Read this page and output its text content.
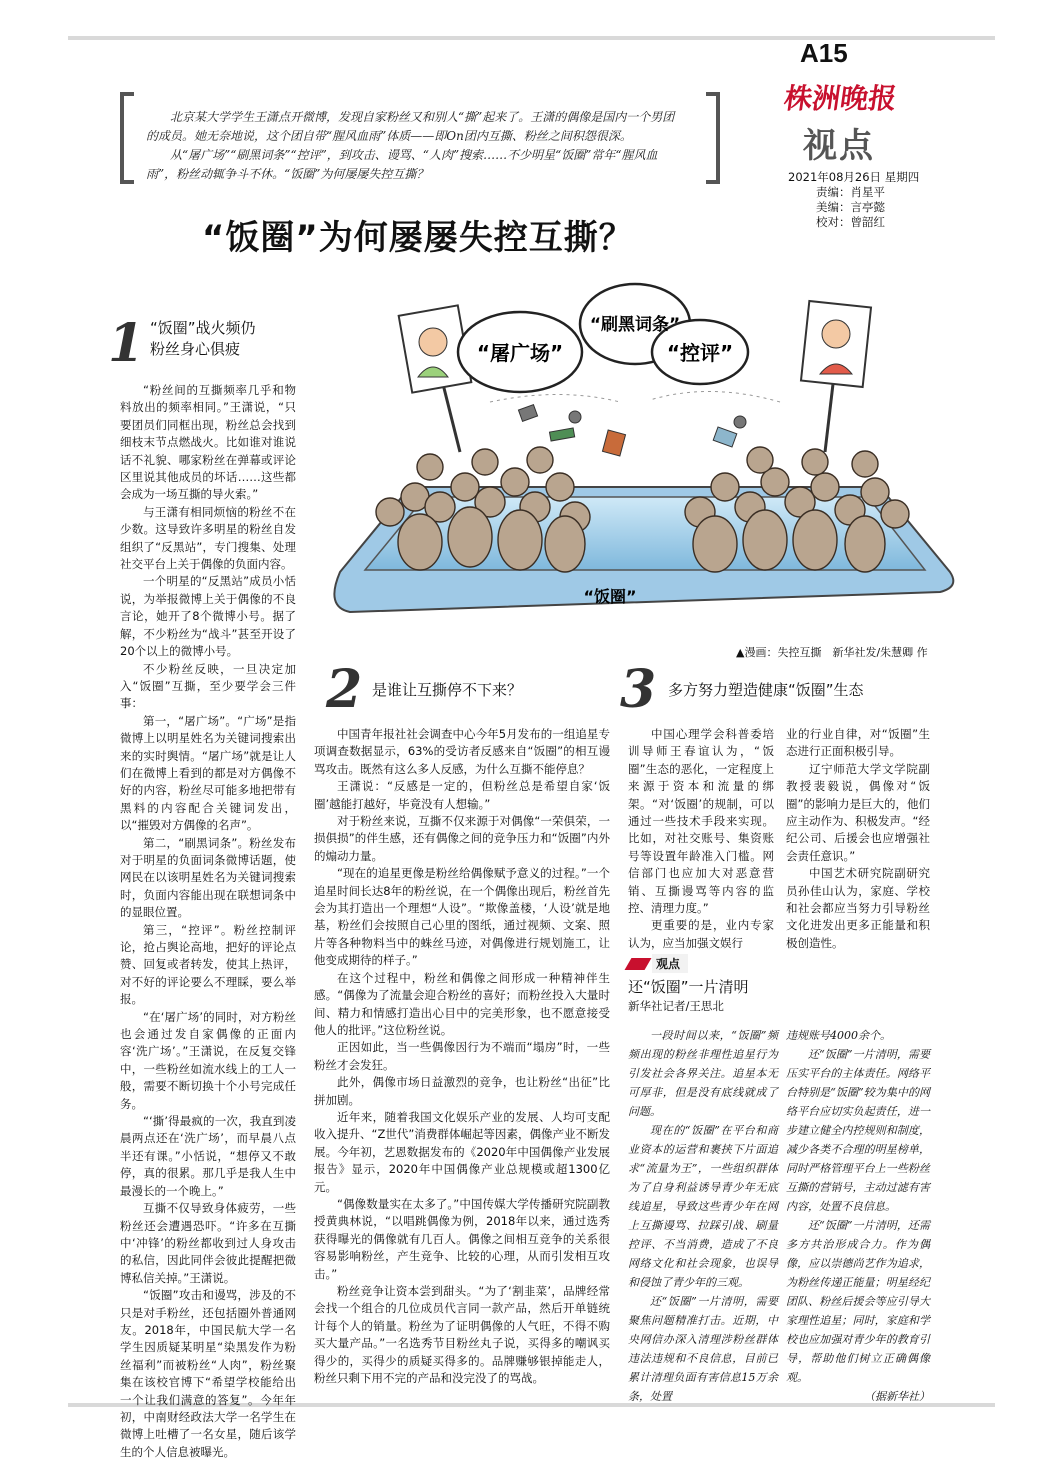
A15
株洲晚报
视点
2021年08月26日 星期四
责编：肖星平
美编：言亭懿
校对：曾韶红

北京某大学学生王潇点开微博，发现自家粉丝又和别人“撕”起来了。王潇的偶像是国内一个男团的成员。她无奈地说，这个团自带“腥风血雨”体质——即On团内互撕、粉丝之间积怨很深。

从“屠广场”“刷黑词条”“控评”，到攻击、谩骂、“人肉”搜索……不少明星“饭圈”常年“腥风血雨”，粉丝动辄争斗不休。“饭圈”为何屡屡失控互撕？

“饭圈”为何屡屡失控互撕？
“屠广场”
“刷黑词条”
“控评”
“饭圈”
▲漫画：失控互撕　新华社发/朱慧卿 作
1 “饭圈”战火频仍
粉丝身心俱疲

“粉丝间的互撕频率几乎和物料放出的频率相同。”王潇说，“只要团员们同框出现，粉丝总会找到细枝末节点燃战火。比如谁对谁说话不礼貌、哪家粉丝在弹幕或评论区里说其他成员的坏话……这些都会成为一场互撕的导火索。”

与王潇有相同烦恼的粉丝不在少数。这导致许多明星的粉丝自发组织了“反黑站”，专门搜集、处理社交平台上关于偶像的负面内容。

一个明星的“反黑站”成员小恬说，为举报微博上关于偶像的不良言论，她开了8个微博小号。据了解，不少粉丝为“战斗”甚至开设了20个以上的微博小号。

不少粉丝反映，一旦决定加入“饭圈”互撕，至少要学会三件事：

第一，“屠广场”。“广场”是指微博上以明星姓名为关键词搜索出来的实时舆情。“屠广场”就是让人们在微博上看到的都是对方偶像不好的内容，粉丝尽可能多地把带有黑料的内容配合关键词发出，以“摧毁对方偶像的名声”。

第二，“刷黑词条”。粉丝发布对于明星的负面词条微博话题，使网民在以该明星姓名为关键词搜索时，负面内容能出现在联想词条中的显眼位置。

第三，“控评”。粉丝控制评论，抢占舆论高地，把好的评论点赞、回复或者转发，使其上热评，对不好的评论要么不理睬，要么举报。

“在‘屠广场’的同时，对方粉丝也会通过发自家偶像的正面内容‘洗广场’。”王潇说，在反复交锋中，一些粉丝如流水线上的工人一般，需要不断切换十个小号完成任务。

“‘撕’得最疯的一次，我直到凌晨两点还在‘洗广场’，而早晨八点半还有课。”小恬说，“想停又不敢停，真的很累。那几乎是我人生中最漫长的一个晚上。”

互撕不仅导致身体疲劳，一些粉丝还会遭遇恐吓。“许多在互撕中‘冲锋’的粉丝都收到过人身攻击的私信，因此同伴会彼此提醒把微博私信关掉。”王潇说。

“饭圈”攻击和谩骂，涉及的不只是对手粉丝，还包括圈外普通网友。2018年，中国民航大学一名学生因质疑某明星“染黑发作为粉丝福利”而被粉丝“人肉”，粉丝聚集在该校官博下“希望学校能给出一个让我们满意的答复”。今年年初，中南财经政法大学一名学生在微博上吐槽了一名女星，随后该学生的个人信息被曝光。

2 是谁让互撕停不下来？

中国青年报社社会调查中心今年5月发布的一组追星专项调查数据显示，63%的受访者反感来自“饭圈”的相互谩骂攻击。既然有这么多人反感，为什么互撕不能停息？

王潇说：“反感是一定的，但粉丝总是希望自家‘饭圈’越能打越好，毕竟没有人想输。”

对于粉丝来说，互撕不仅来源于对偶像“一荣俱荣，一损俱损”的伴生感，还有偶像之间的竞争压力和“饭圈”内外的煽动力量。

“现在的追星更像是粉丝给偶像赋予意义的过程。”一个追星时间长达8年的粉丝说，在一个偶像出现后，粉丝首先会为其打造出一个理想“人设”。“欺像盖楼，‘人设’就是地基，粉丝们会按照自己心里的图纸，通过视频、文案、照片等各种物料当中的蛛丝马迹，对偶像进行规划施工，让他变成期待的样子。”

在这个过程中，粉丝和偶像之间形成一种精神伴生感。“偶像为了流量会迎合粉丝的喜好；而粉丝投入大量时间、精力和情感打造出心目中的完美形象，也不愿意接受他人的批评。”这位粉丝说。

正因如此，当一些偶像因行为不端而“塌房”时，一些粉丝才会发狂。

此外，偶像市场日益激烈的竞争，也让粉丝“出征”比拼加剧。

近年来，随着我国文化娱乐产业的发展、人均可支配收入提升、“Z世代”消费群体崛起等因素，偶像产业不断发展。今年初，艺恩数据发布的《2020年中国偶像产业发展报告》显示，2020年中国偶像产业总规模或超1300亿元。

“偶像数量实在太多了。”中国传媒大学传播研究院副教授黄典林说，“以唱跳偶像为例，2018年以来，通过选秀获得曝光的偶像就有几百人。偶像之间相互竞争的关系很容易影响粉丝，产生竞争、比较的心理，从而引发相互攻击。”

粉丝竞争让资本尝到甜头。“为了‘割韭菜’，品牌经常会找一个组合的几位成员代言同一款产品，然后开单链统计每个人的销量。粉丝为了证明偶像的人气旺，不得不购买大量产品。”一名选秀节目粉丝丸子说，买得多的嘲讽买得少的，买得少的质疑买得多的。品牌赚够银掉能走人，粉丝只剩下用不完的产品和没完没了的骂战。

3 多方努力塑造健康“饭圈”生态

中国心理学会科普委培训导师王春谊认为，“饭圈”生态的恶化，一定程度上来源于资本和流量的绑架。“对‘饭圈’的规制，可以通过一些技术手段来实现。比如，对社交账号、集资账号等设置年龄准入门槛。网信部门也应加大对恶意营销、互撕谩骂等内容的监控、清理力度。”

更重要的是，业内专家认为，应当加强文娱行

业的行业自律，对“饭圈”生态进行正面积极引导。

辽宁师范大学文学院副教授裴毅说，偶像对“饭圈”的影响力是巨大的，他们应主动作为、积极发声。“经纪公司、后援会也应增强社会责任意识。”

中国艺术研究院副研究员孙佳山认为，家庭、学校和社会都应当努力引导粉丝文化进发出更多正能量和积极创造性。

观点
还“饭圈”一片清明
新华社记者/王思北

一段时间以来，“饭圈”频频出现的粉丝非理性追星行为引发社会各界关注。追星本无可厚非，但是没有底线就成了问题。

现在的“饭圈”在平台和商业资本的运营和裹挟下片面追求“流量为王”，一些组织群体为了自身利益诱导青少年无底线追星，导致这些青少年在网上互撕谩骂、拉踩引战、刷量控评、不当消费，造成了不良网络文化和社会现象，也误导和侵蚀了青少年的三观。

还“饭圈”一片清明，需要聚焦问题精准打击。近期，中央网信办深入清理涉粉丝群体违法违规和不良信息，目前已累计清理负面有害信息15万余条，处置

违规账号4000余个。

还“饭圈”一片清明，需要压实平台的主体责任。网络平台特别是“饭圈”较为集中的网络平台应切实负起责任，进一步建立健全内控规则和制度，减少各类不合理的明星榜单，同时严格管理平台上一些粉丝互撕的营销号，主动过滤有害内容，处置不良信息。

还“饭圈”一片清明，还需多方共治形成合力。作为偶像，应以崇德尚艺作为追求，为粉丝传递正能量；明星经纪团队、粉丝后援会等应引导大家理性追星；同时，家庭和学校也应加强对青少年的教育引导，帮助他们树立正确偶像观。

（据新华社）
